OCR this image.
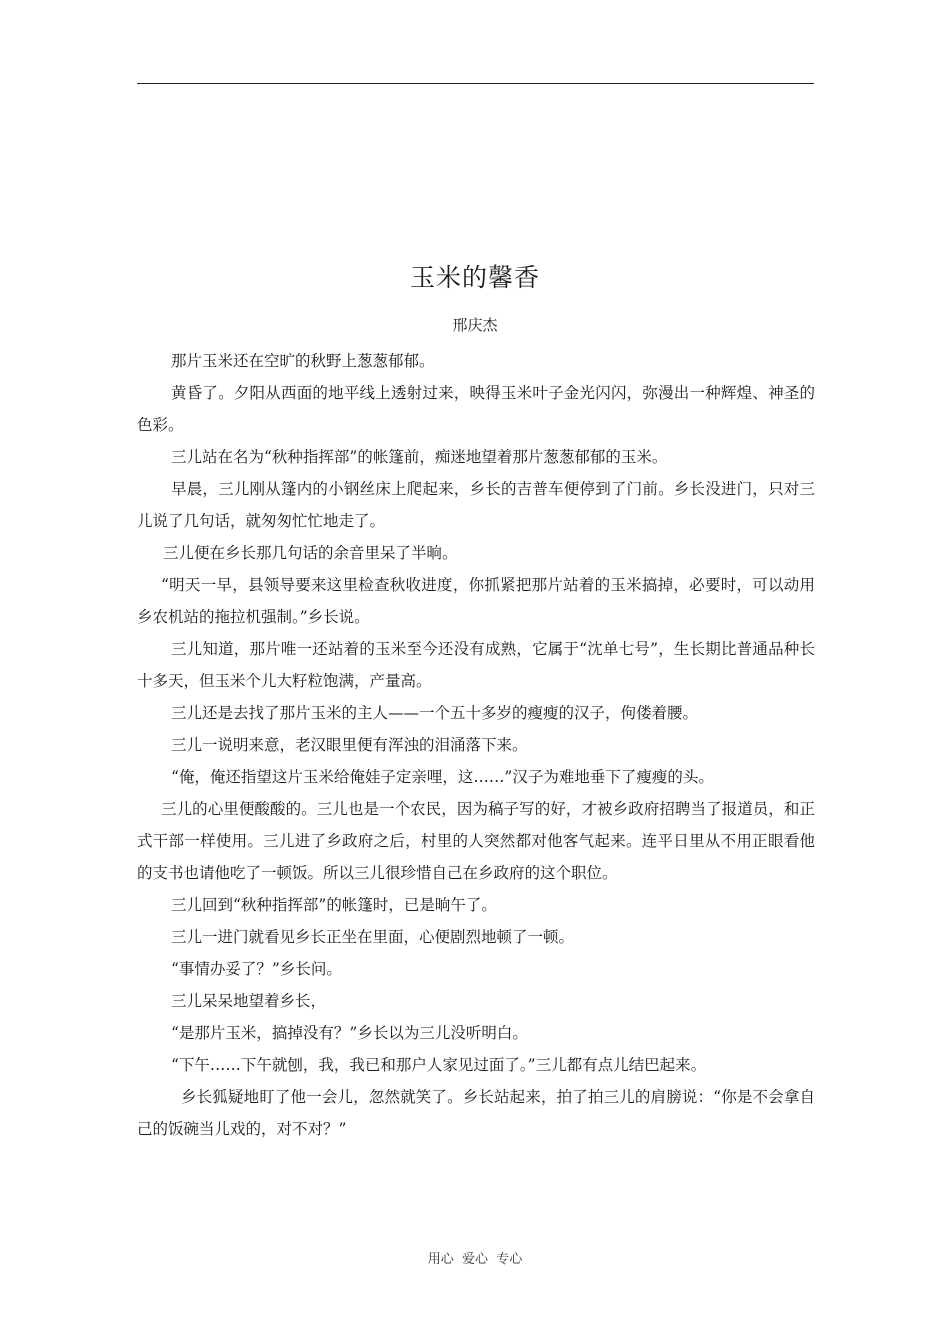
玉米的馨香
邢庆杰

那片玉米还在空旷的秋野上葱葱郁郁。

黄昏了。夕阳从西面的地平线上透射过来，映得玉米叶子金光闪闪，弥漫出一种辉煌、神圣的色彩。

三儿站在名为“秋种指挥部”的帐篷前，痴迷地望着那片葱葱郁郁的玉米。

早晨，三儿刚从篷内的小钢丝床上爬起来，乡长的吉普车便停到了门前。乡长没进门，只对三儿说了几句话，就匆匆忙忙地走了。

三儿便在乡长那几句话的余音里呆了半晌。

“明天一早，县领导要来这里检查秋收进度，你抓紧把那片站着的玉米搞掉，必要时，可以动用乡农机站的拖拉机强制。”乡长说。

三儿知道，那片唯一还站着的玉米至今还没有成熟，它属于“沈单七号”，生长期比普通品种长十多天，但玉米个儿大籽粒饱满，产量高。

三儿还是去找了那片玉米的主人——一个五十多岁的瘦瘦的汉子，佝偻着腰。

三儿一说明来意，老汉眼里便有浑浊的泪涌落下来。

“俺，俺还指望这片玉米给俺娃子定亲哩，这……”汉子为难地垂下了瘦瘦的头。

三儿的心里便酸酸的。三儿也是一个农民，因为稿子写的好，才被乡政府招聘当了报道员，和正式干部一样使用。三儿进了乡政府之后，村里的人突然都对他客气起来。连平日里从不用正眼看他的支书也请他吃了一顿饭。所以三儿很珍惜自己在乡政府的这个职位。

三儿回到“秋种指挥部”的帐篷时，已是晌午了。

三儿一进门就看见乡长正坐在里面，心便剧烈地顿了一顿。

“事情办妥了？”乡长问。

三儿呆呆地望着乡长，

“是那片玉米，搞掉没有？”乡长以为三儿没听明白。

“下午……下午就刨，我，我已和那户人家见过面了。”三儿都有点儿结巴起来。

乡长狐疑地盯了他一会儿，忽然就笑了。乡长站起来，拍了拍三儿的肩膀说：“你是不会拿自己的饭碗当儿戏的，对不对？”

用心  爱心  专心
